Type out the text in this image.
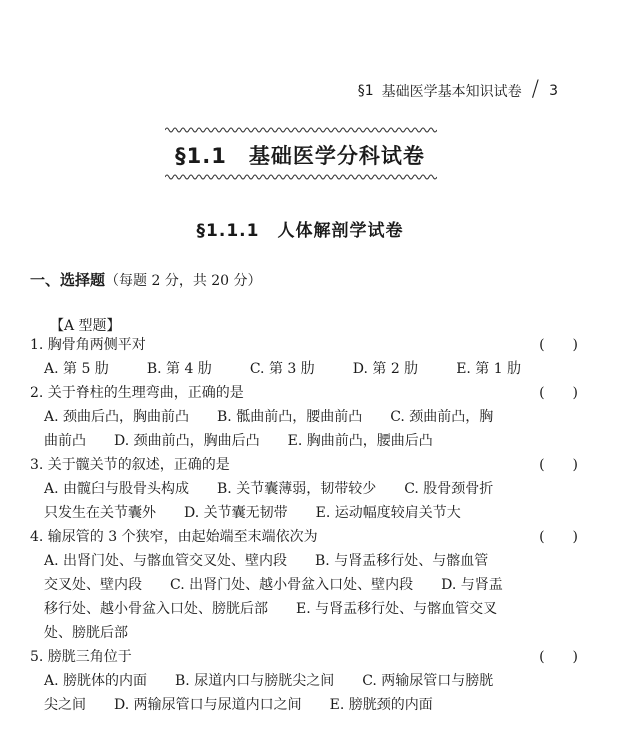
§1 基础医学基本知识试卷 / 3
§1.1　基础医学分科试卷
§1.1.1　人体解剖学试卷
一、选择题（每题 2 分，共 20 分）
【A 型题】
1. 胸骨角两侧平对	(　　)
A. 第 5 肋	B. 第 4 肋	C. 第 3 肋	D. 第 2 肋	E. 第 1 肋
2. 关于脊柱的生理弯曲，正确的是	(　　)
A. 颈曲后凸，胸曲前凸　　B. 骶曲前凸，腰曲前凸　　C. 颈曲前凸，胸
曲前凸　　D. 颈曲前凸，胸曲后凸　　E. 胸曲前凸，腰曲后凸
3. 关于髋关节的叙述，正确的是	(　　)
A. 由髋臼与股骨头构成　　B. 关节囊薄弱，韧带较少　　C. 股骨颈骨折
只发生在关节囊外　　D. 关节囊无韧带　　E. 运动幅度较肩关节大
4. 输尿管的 3 个狭窄，由起始端至末端依次为	(　　)
A. 出肾门处、与髂血管交叉处、壁内段　　B. 与肾盂移行处、与髂血管
交叉处、壁内段　　C. 出肾门处、越小骨盆入口处、壁内段　　D. 与肾盂
移行处、越小骨盆入口处、膀胱后部　　E. 与肾盂移行处、与髂血管交叉
处、膀胱后部
5. 膀胱三角位于	(　　)
A. 膀胱体的内面　　B. 尿道内口与膀胱尖之间　　C. 两输尿管口与膀胱
尖之间　　D. 两输尿管口与尿道内口之间　　E. 膀胱颈的内面
